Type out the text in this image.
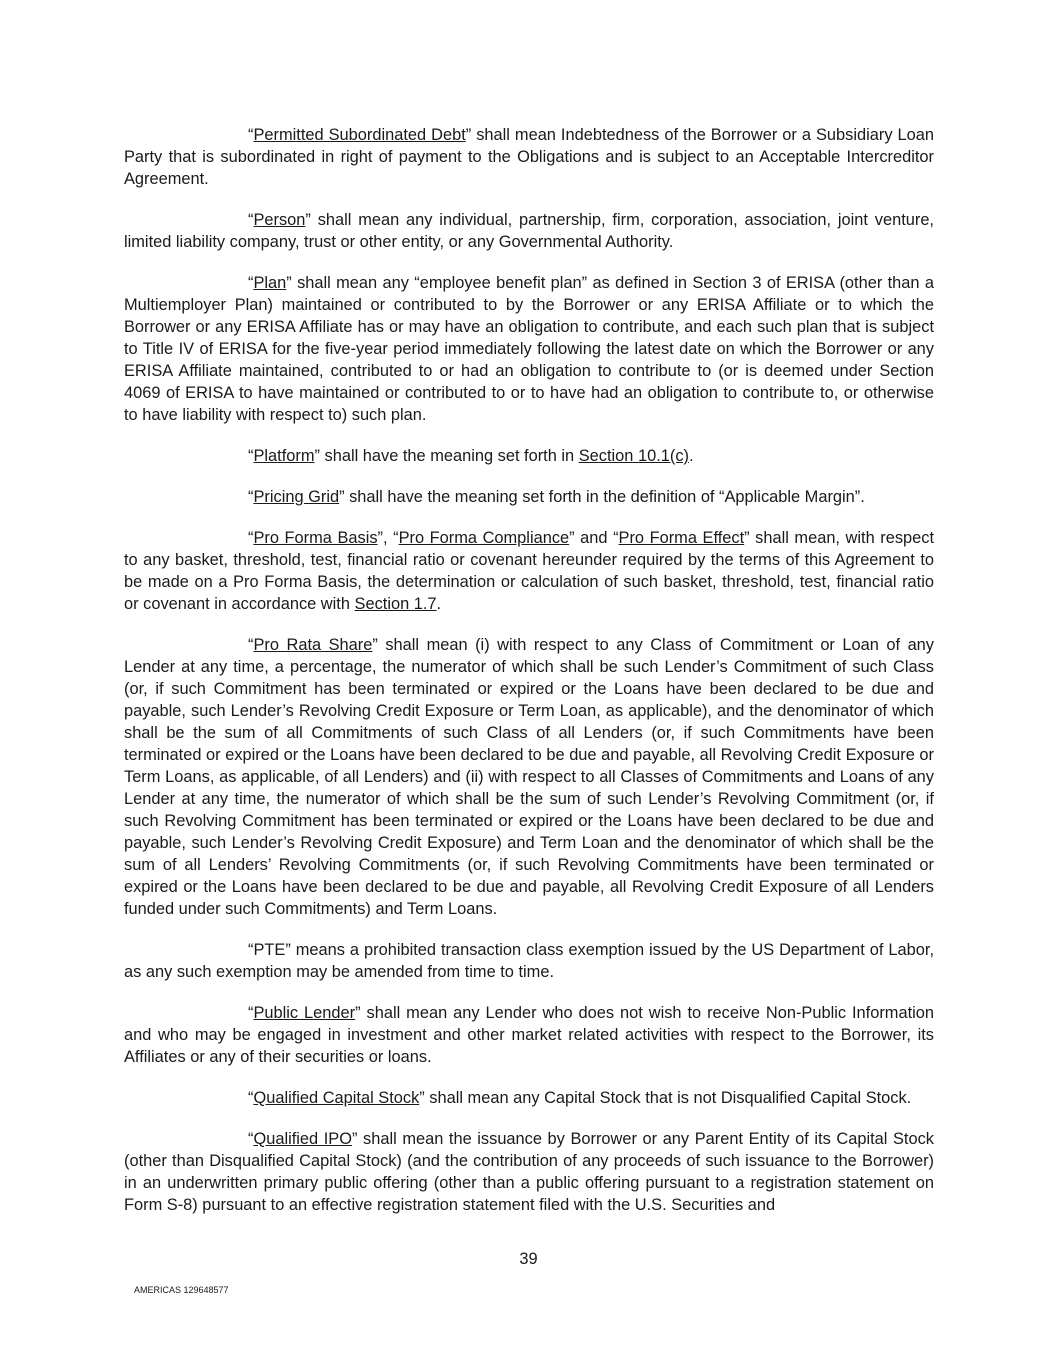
“Permitted Subordinated Debt” shall mean Indebtedness of the Borrower or a Subsidiary Loan Party that is subordinated in right of payment to the Obligations and is subject to an Acceptable Intercreditor Agreement.

“Person” shall mean any individual, partnership, firm, corporation, association, joint venture, limited liability company, trust or other entity, or any Governmental Authority.

“Plan” shall mean any “employee benefit plan” as defined in Section 3 of ERISA (other than a Multiemployer Plan) maintained or contributed to by the Borrower or any ERISA Affiliate or to which the Borrower or any ERISA Affiliate has or may have an obligation to contribute, and each such plan that is subject to Title IV of ERISA for the five-year period immediately following the latest date on which the Borrower or any ERISA Affiliate maintained, contributed to or had an obligation to contribute to (or is deemed under Section 4069 of ERISA to have maintained or contributed to or to have had an obligation to contribute to, or otherwise to have liability with respect to) such plan.

“Platform” shall have the meaning set forth in Section 10.1(c).

“Pricing Grid” shall have the meaning set forth in the definition of “Applicable Margin”.

“Pro Forma Basis”, “Pro Forma Compliance” and “Pro Forma Effect” shall mean, with respect to any basket, threshold, test, financial ratio or covenant hereunder required by the terms of this Agreement to be made on a Pro Forma Basis, the determination or calculation of such basket, threshold, test, financial ratio or covenant in accordance with Section 1.7.

“Pro Rata Share” shall mean (i) with respect to any Class of Commitment or Loan of any Lender at any time, a percentage, the numerator of which shall be such Lender’s Commitment of such Class (or, if such Commitment has been terminated or expired or the Loans have been declared to be due and payable, such Lender’s Revolving Credit Exposure or Term Loan, as applicable), and the denominator of which shall be the sum of all Commitments of such Class of all Lenders (or, if such Commitments have been terminated or expired or the Loans have been declared to be due and payable, all Revolving Credit Exposure or Term Loans, as applicable, of all Lenders) and (ii) with respect to all Classes of Commitments and Loans of any Lender at any time, the numerator of which shall be the sum of such Lender’s Revolving Commitment (or, if such Revolving Commitment has been terminated or expired or the Loans have been declared to be due and payable, such Lender’s Revolving Credit Exposure) and Term Loan and the denominator of which shall be the sum of all Lenders’ Revolving Commitments (or, if such Revolving Commitments have been terminated or expired or the Loans have been declared to be due and payable, all Revolving Credit Exposure of all Lenders funded under such Commitments) and Term Loans.

“PTE” means a prohibited transaction class exemption issued by the US Department of Labor, as any such exemption may be amended from time to time.

“Public Lender” shall mean any Lender who does not wish to receive Non-Public Information and who may be engaged in investment and other market related activities with respect to the Borrower, its Affiliates or any of their securities or loans.

“Qualified Capital Stock” shall mean any Capital Stock that is not Disqualified Capital Stock.

“Qualified IPO” shall mean the issuance by Borrower or any Parent Entity of its Capital Stock (other than Disqualified Capital Stock) (and the contribution of any proceeds of such issuance to the Borrower) in an underwritten primary public offering (other than a public offering pursuant to a registration statement on Form S-8) pursuant to an effective registration statement filed with the U.S. Securities and

39
AMERICAS 129648577
